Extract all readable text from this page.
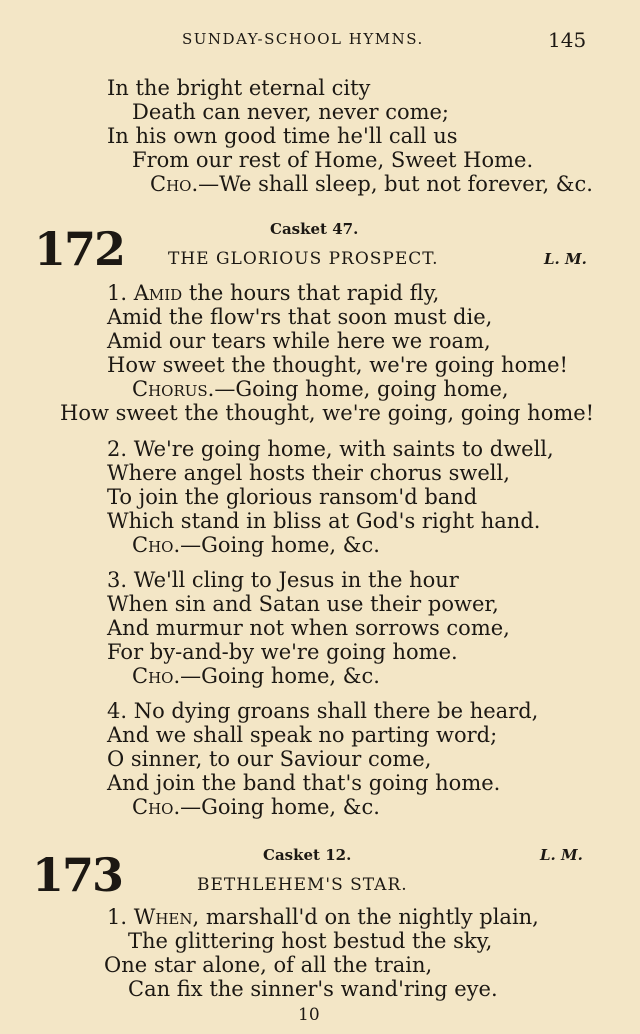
SUNDAY-SCHOOL HYMNS.	145
In the bright eternal city
Death can never, never come;
In his own good time he'll call us
From our rest of Home, Sweet Home.
Cho.—We shall sleep, but not forever, &c.
172	Casket 47.
THE GLORIOUS PROSPECT.	L. M.
1. Amid the hours that rapid fly,
Amid the flow'rs that soon must die,
Amid our tears while here we roam,
How sweet the thought, we're going home!
Chorus.—Going home, going home,
How sweet the thought, we're going, going home!
2. We're going home, with saints to dwell,
Where angel hosts their chorus swell,
To join the glorious ransom'd band
Which stand in bliss at God's right hand.
Cho.—Going home, &c.
3. We'll cling to Jesus in the hour
When sin and Satan use their power,
And murmur not when sorrows come,
For by-and-by we're going home.
Cho.—Going home, &c.
4. No dying groans shall there be heard,
And we shall speak no parting word;
O sinner, to our Saviour come,
And join the band that's going home.
Cho.—Going home, &c.
173	Casket 12.	L. M.
BETHLEHEM'S STAR.
1. When, marshall'd on the nightly plain,
The glittering host bestud the sky,
One star alone, of all the train,
Can fix the sinner's wand'ring eye.
10
